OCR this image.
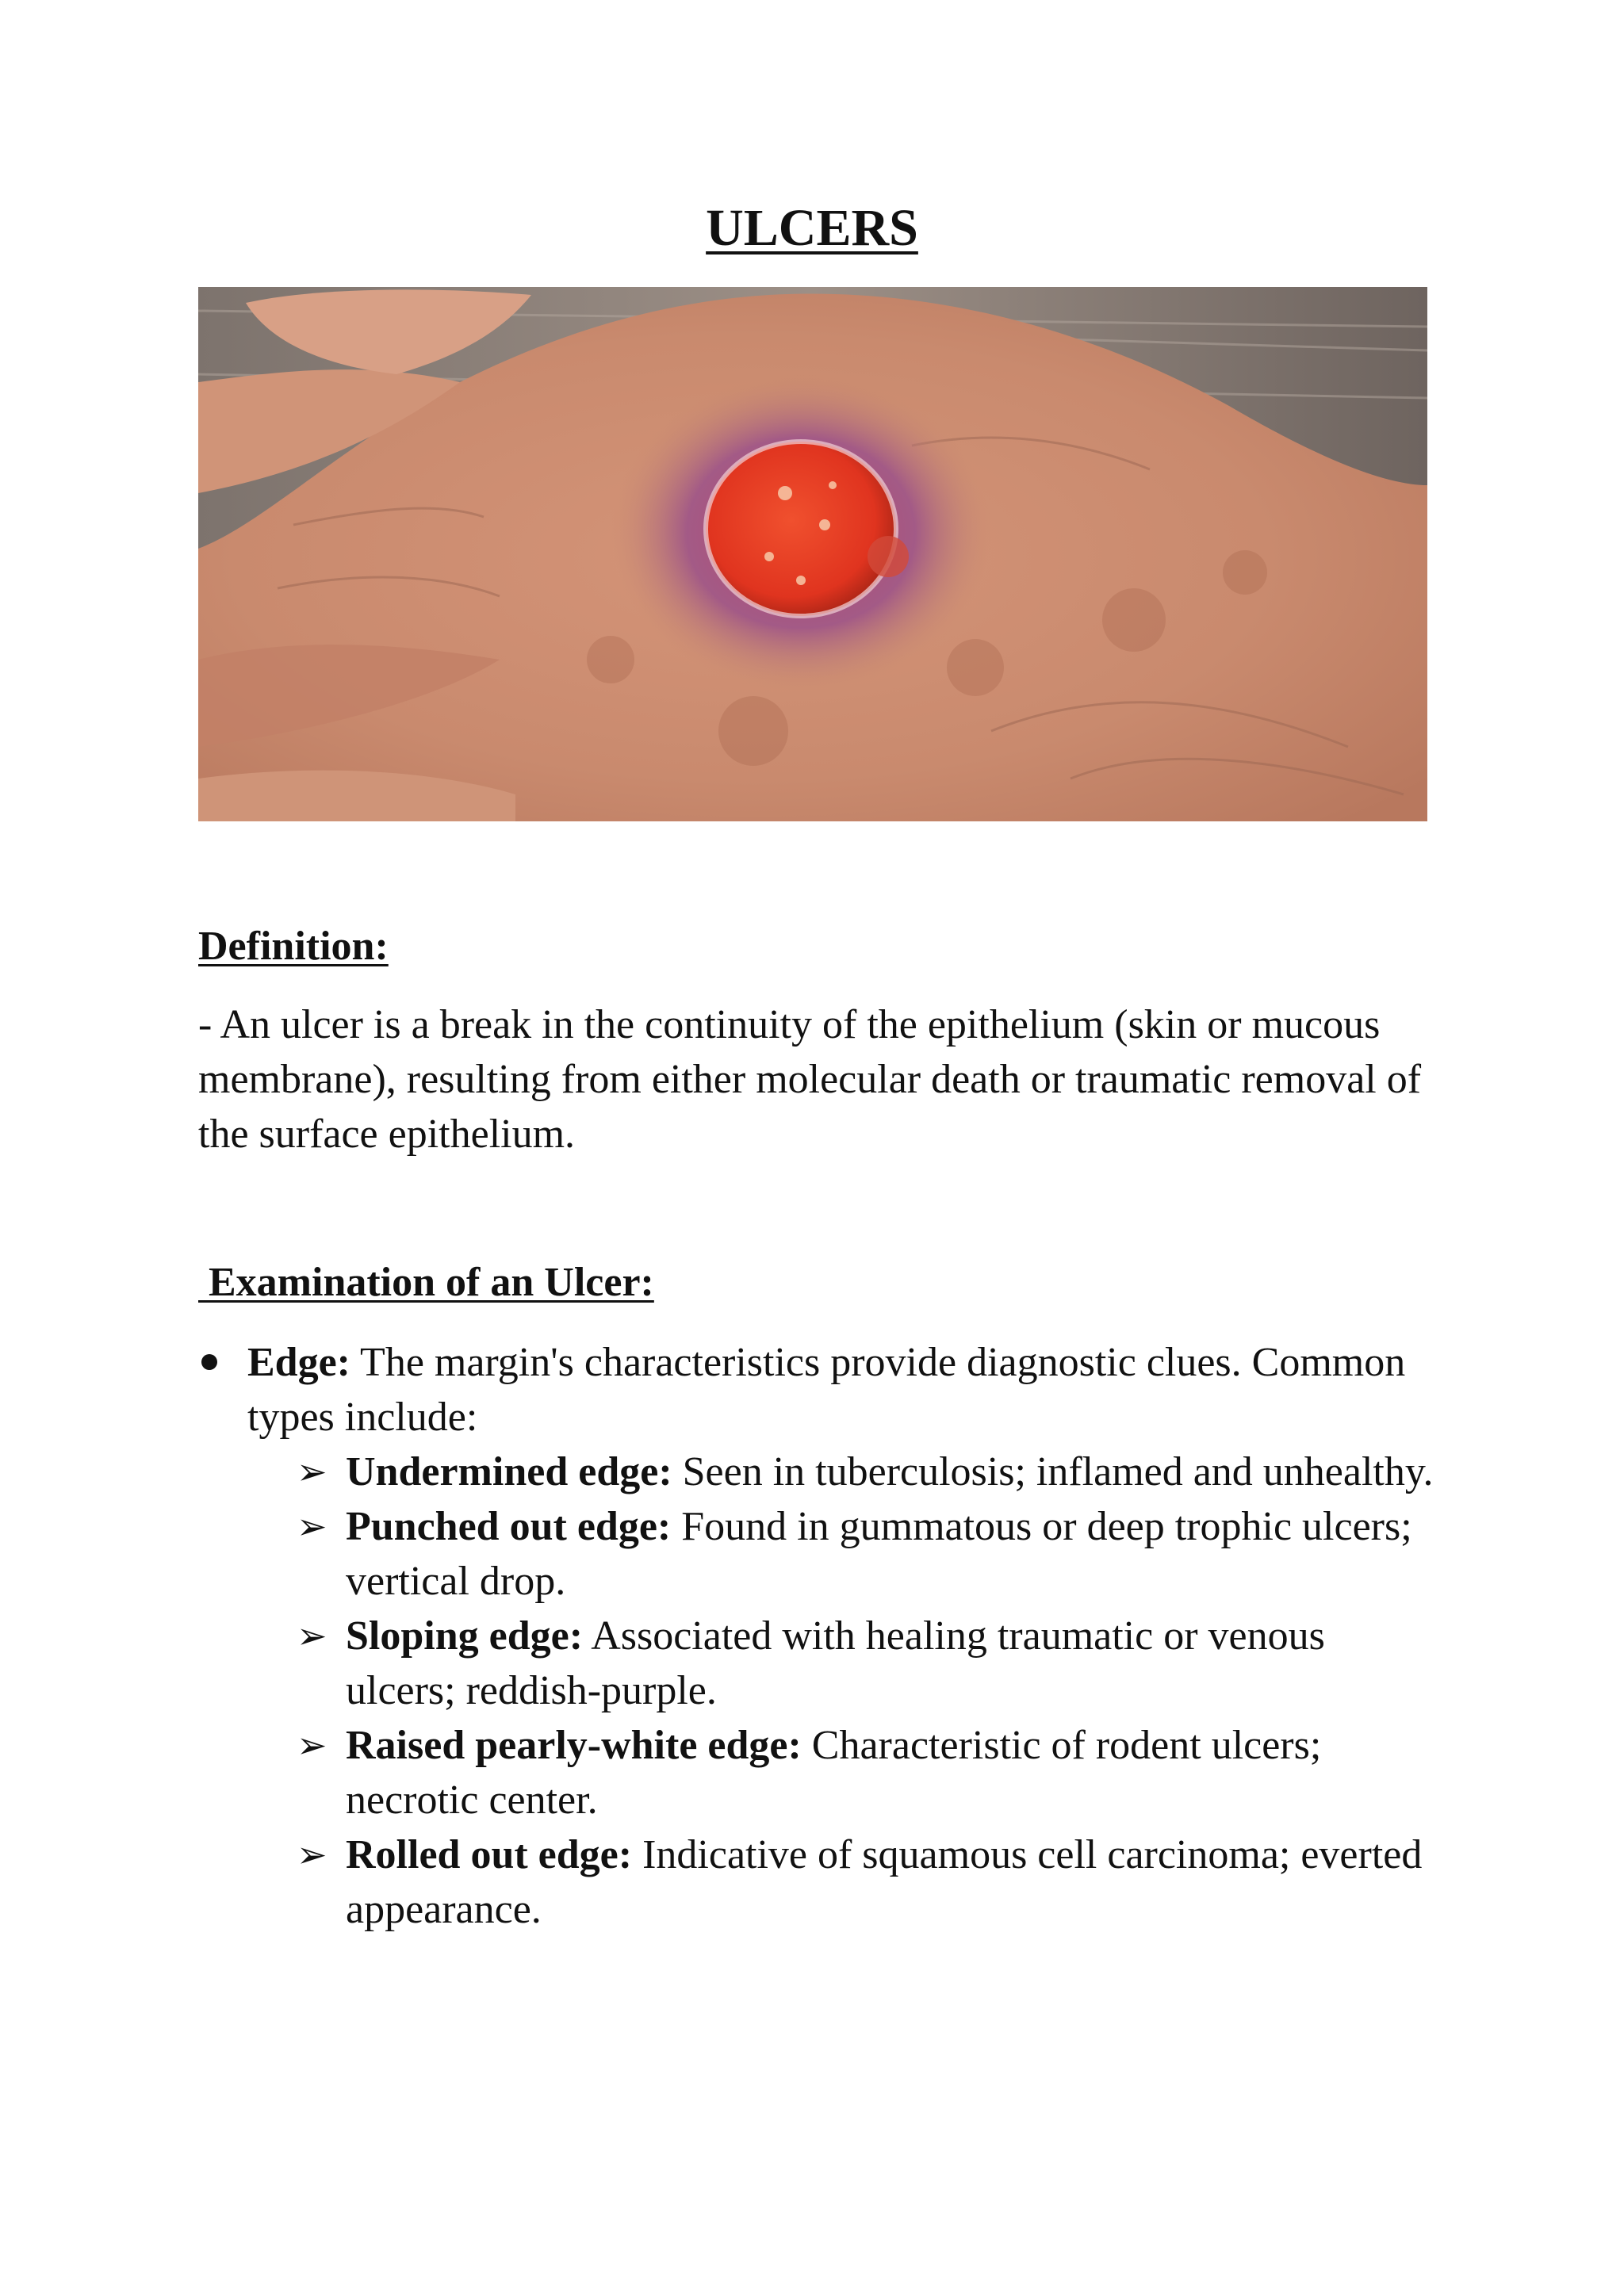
ULCERS
Definition:

- An ulcer is a break in the continuity of the epithelium (skin or mucous membrane), resulting from either molecular death or traumatic removal of the surface epithelium.

Examination of an Ulcer:
Edge: The margin's characteristics provide diagnostic clues. Common types include:
➢ Undermined edge: Seen in tuberculosis; inflamed and unhealthy.
➢ Punched out edge: Found in gummatous or deep trophic ulcers; vertical drop.
➢ Sloping edge: Associated with healing traumatic or venous ulcers; reddish-purple.
➢ Raised pearly-white edge: Characteristic of rodent ulcers; necrotic center.
➢ Rolled out edge: Indicative of squamous cell carcinoma; everted appearance.
